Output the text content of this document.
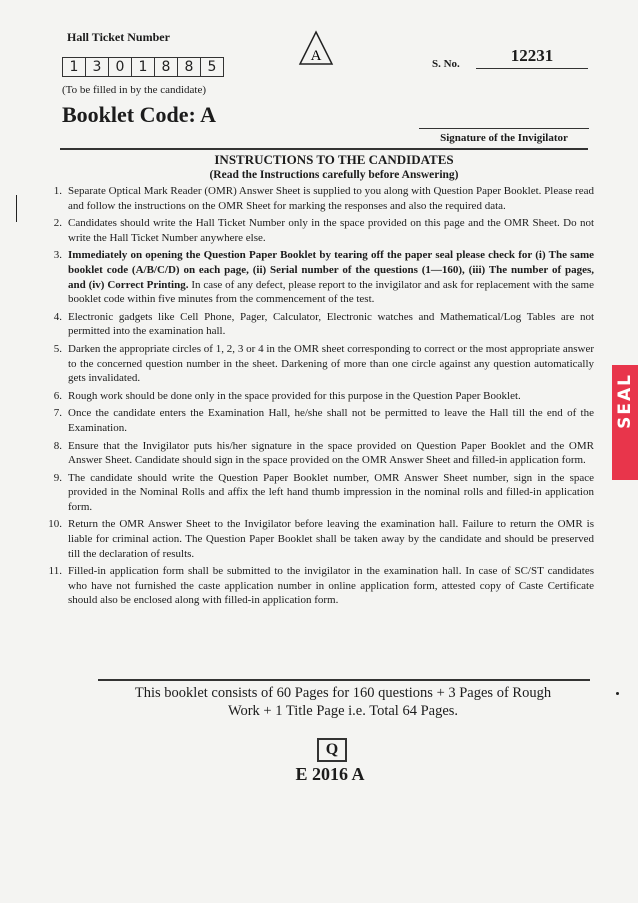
Hall Ticket Number
1	3	0	1	8	8	5
(To be filled in by the candidate)
Booklet Code: A
A	S. No.	12231
Signature of the Invigilator
INSTRUCTIONS TO THE CANDIDATES
(Read the Instructions carefully before Answering)
1. Separate Optical Mark Reader (OMR) Answer Sheet is supplied to you along with Question Paper Booklet. Please read and follow the instructions on the OMR Sheet for marking the responses and also the required data.
2. Candidates should write the Hall Ticket Number only in the space provided on this page and the OMR Sheet. Do not write the Hall Ticket Number anywhere else.
3. Immediately on opening the Question Paper Booklet by tearing off the paper seal please check for (i) The same booklet code (A/B/C/D) on each page, (ii) Serial number of the questions (1—160), (iii) The number of pages, and (iv) Correct Printing. In case of any defect, please report to the invigilator and ask for replacement with the same booklet code within five minutes from the commencement of the test.
4. Electronic gadgets like Cell Phone, Pager, Calculator, Electronic watches and Mathematical/Log Tables are not permitted into the examination hall.
5. Darken the appropriate circles of 1, 2, 3 or 4 in the OMR sheet corresponding to correct or the most appropriate answer to the concerned question number in the sheet. Darkening of more than one circle against any question automatically gets invalidated.
6. Rough work should be done only in the space provided for this purpose in the Question Paper Booklet.
7. Once the candidate enters the Examination Hall, he/she shall not be permitted to leave the Hall till the end of the Examination.
8. Ensure that the Invigilator puts his/her signature in the space provided on Question Paper Booklet and the OMR Answer Sheet. Candidate should sign in the space provided on the OMR Answer Sheet and filled-in application form.
9. The candidate should write the Question Paper Booklet number, OMR Answer Sheet number, sign in the space provided in the Nominal Rolls and affix the left hand thumb impression in the nominal rolls and filled-in application form.
10. Return the OMR Answer Sheet to the Invigilator before leaving the examination hall. Failure to return the OMR is liable for criminal action. The Question Paper Booklet shall be taken away by the candidate and should be preserved till the declaration of results.
11. Filled-in application form shall be submitted to the invigilator in the examination hall. In case of SC/ST candidates who have not furnished the caste application number in online application form, attested copy of Caste Certificate should also be enclosed along with filled-in application form.
This booklet consists of 60 Pages for 160 questions + 3 Pages of Rough
Work + 1 Title Page i.e. Total 64 Pages.
Q
E 2016 A
SEAL
